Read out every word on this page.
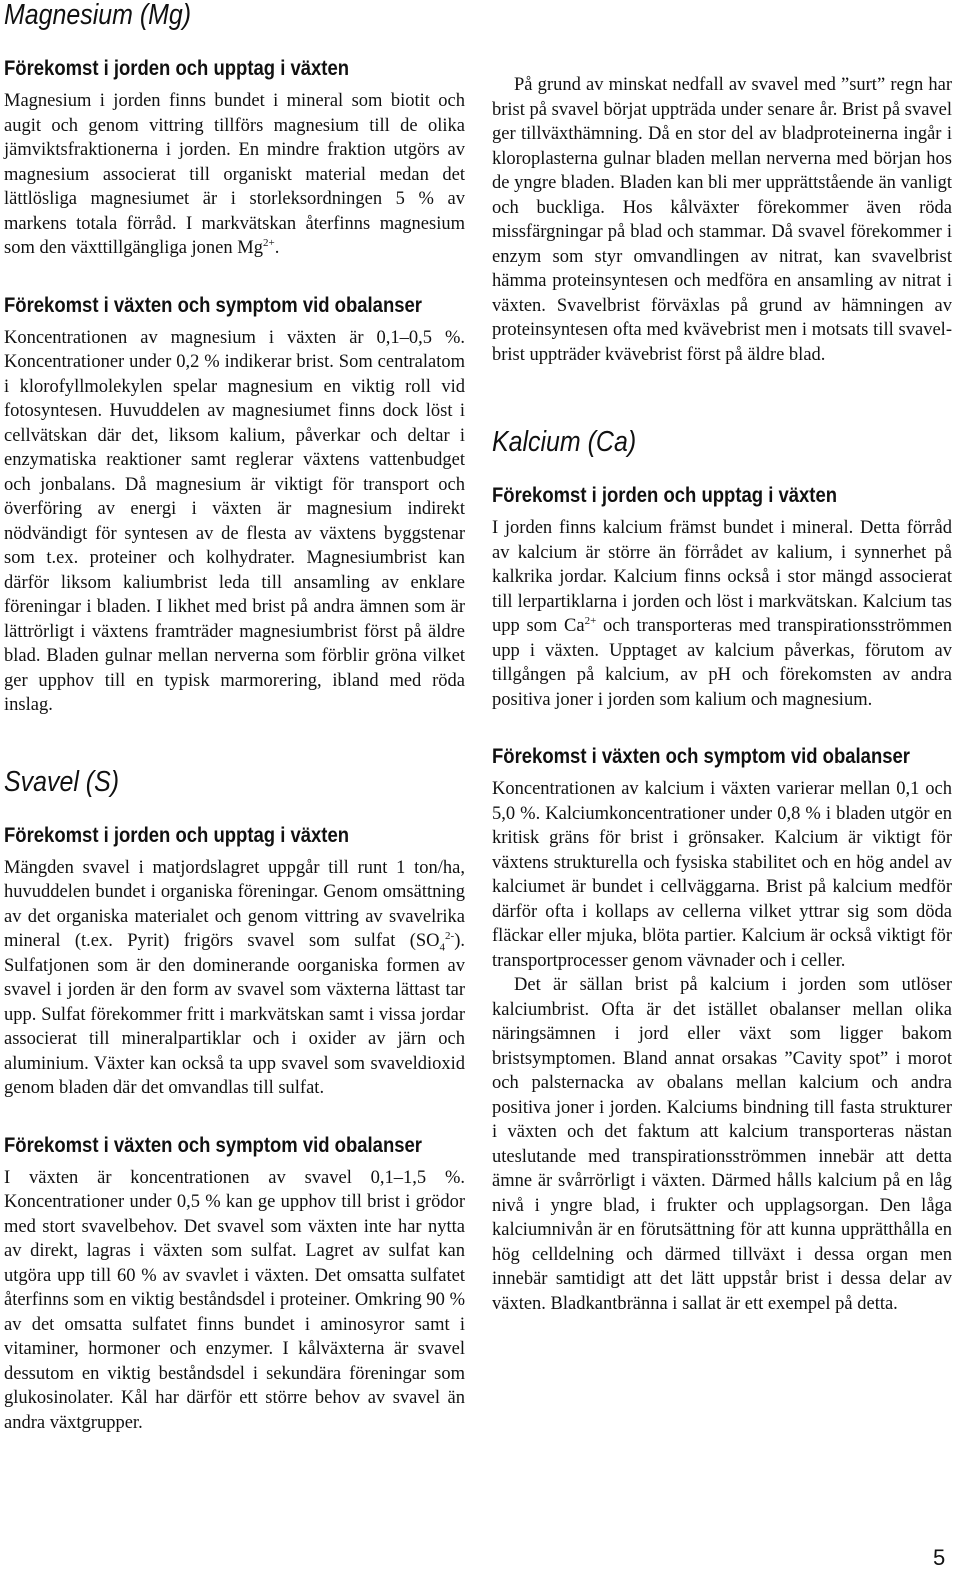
Magnesium (Mg)
Förekomst i jorden och upptag i växten

Magnesium i jorden finns bundet i mineral som biotit och augit och genom vittring tillförs magnesium till de olika jämviktsfraktionerna i jorden. En mindre fraktion utgörs av magnesium associerat till organiskt material medan det lättlösliga magnesiumet är i storleksordningen 5 % av markens totala förråd. I markvätskan återfinns magnesium som den växttillgängliga jonen $Mg^{2+}$.

Förekomst i växten och symptom vid obalanser

Koncentrationen av magnesium i växten är 0,1–0,5 %. Koncentrationer under 0,2 % indikerar brist. Som centralatom i klorofyllmolekylen spelar magnesium en viktig roll vid fotosyntesen. Huvuddelen av magnesiumet finns dock löst i cellvätskan där det, liksom kalium, påverkar och deltar i enzymatiska reaktioner samt reglerar växtens vattenbudget och jonbalans. Då magnesium är viktigt för transport och överföring av energi i växten är magnesium indirekt nödvändigt för syntesen av de flesta av växtens byggstenar som t.ex. proteiner och kolhydrater. Magnesiumbrist kan därför liksom kaliumbrist leda till ansamling av enklare föreningar i bladen. I likhet med brist på andra ämnen som är lättrörligt i växtens framträder magnesiumbrist först på äldre blad. Bladen gulnar mellan nerverna som förblir gröna vilket ger upphov till en typisk marmorering, ibland med röda inslag.

Svavel (S)
Förekomst i jorden och upptag i växten

Mängden svavel i matjordslagret uppgår till runt 1 ton/ha, huvuddelen bundet i organiska föreningar. Genom omsättning av det organiska materialet och genom vittring av svavelrika mineral (t.ex. Pyrit) frigörs svavel som sulfat $(SO_4^{2-})$. Sulfatjonen som är den dominerande oorganiska formen av svavel i jorden är den form av svavel som växterna lättast tar upp. Sulfat förekommer fritt i markvätskan samt i vissa jordar associerat till mineralpartiklar och i oxider av järn och aluminium. Växter kan också ta upp svavel som svaveldioxid genom bladen där det omvandlas till sulfat.

Förekomst i växten och symptom vid obalanser

I växten är koncentrationen av svavel 0,1–1,5 %. Koncentrationer under 0,5 % kan ge upphov till brist i grödor med stort svavelbehov. Det svavel som växten inte har nytta av direkt, lagras i växten som sulfat. Lagret av sulfat kan utgöra upp till 60 % av svavlet i växten. Det omsatta sulfatet återfinns som en viktig beståndsdel i proteiner. Omkring 90 % av det omsatta sulfatet finns bundet i aminosyror samt i vitaminer, hormoner och enzymer. I kålväxterna är svavel dessutom en viktig beståndsdel i sekundära föreningar som glukosinolater. Kål har därför ett större behov av svavel än andra växtgrupper.

På grund av minskat nedfall av svavel med ”surt” regn har brist på svavel börjat uppträda under senare år. Brist på svavel ger tillväxthämning. Då en stor del av bladproteinerna ingår i kloroplasterna gulnar bladen mellan nerverna med början hos de yngre bladen. Bladen kan bli mer upprättstående än vanligt och buckliga. Hos kålväxter förekommer även röda missfärgningar på blad och stammar. Då svavel förekommer i enzym som styr omvandlingen av nitrat, kan svavelbrist hämma proteinsyntesen och medföra en ansamling av nitrat i växten. Svavelbrist förväxlas på grund av hämningen av proteinsyntesen ofta med kvävebrist men i motsats till svavelbrist uppträder kvävebrist först på äldre blad.

Kalcium (Ca)
Förekomst i jorden och upptag i växten

I jorden finns kalcium främst bundet i mineral. Detta förråd av kalcium är större än förrådet av kalium, i synnerhet på kalkrika jordar. Kalcium finns också i stor mängd associerat till lerpartiklarna i jorden och löst i markvätskan. Kalcium tas upp som $Ca^{2+}$ och transporteras med transpirationsströmmen upp i växten. Upptaget av kalcium påverkas, förutom av tillgången på kalcium, av pH och förekomsten av andra positiva joner i jorden som kalium och magnesium.

Förekomst i växten och symptom vid obalanser

Koncentrationen av kalcium i växten varierar mellan 0,1 och 5,0 %. Kalciumkoncentrationer under 0,8 % i bladen utgör en kritisk gräns för brist i grönsaker. Kalcium är viktigt för växtens strukturella och fysiska stabilitet och en hög andel av kalciumet är bundet i cellväggarna. Brist på kalcium medför därför ofta i kollaps av cellerna vilket yttrar sig som döda fläckar eller mjuka, blöta partier. Kalcium är också viktigt för transportprocesser genom vävnader och i celler.

Det är sällan brist på kalcium i jorden som utlöser kalciumbrist. Ofta är det istället obalanser mellan olika näringsämnen i jord eller växt som ligger bakom bristsymptomen. Bland annat orsakas ”Cavity spot” i morot och palsternacka av obalans mellan kalcium och andra positiva joner i jorden. Kalciums bindning till fasta strukturer i växten och det faktum att kalcium transporteras nästan uteslutande med transpirationsströmmen innebär att detta ämne är svårrörligt i växten. Därmed hålls kalcium på en låg nivå i yngre blad, i frukter och upplagsorgan. Den låga kalciumnivån är en förutsättning för att kunna upprätthålla en hög celldelning och därmed tillväxt i dessa organ men innebär samtidigt att det lätt uppstår brist i dessa delar av växten. Bladkantbränna i sallat är ett exempel på detta.

5
